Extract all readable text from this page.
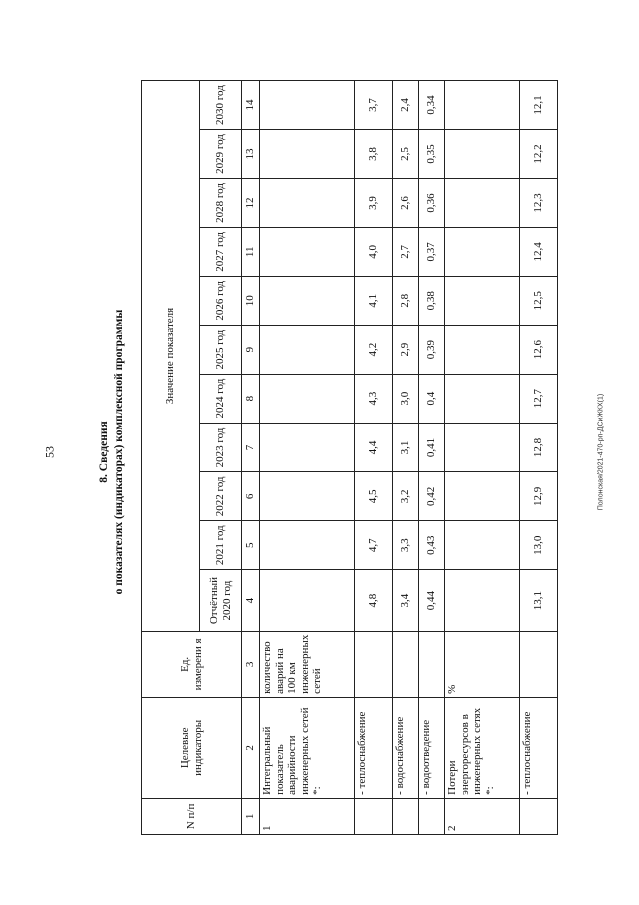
53	8. Сведения о показателях (индикаторах) комплексной программы	Полонская/2021-470-рп-ДСиЖКХ(1)
N п/п	Целевые индикаторы	Ед. измерени я	Значение показателя										
			Отчётный 2020 год	2021 год	2022 год	2023 год	2024 год	2025 год	2026 год	2027 год	2028 год	2029 год	2030 год
1	2	3	4	5	6	7	8	9	10	11	12	13	14
1	Интегральный показатель аварийности инженерных сетей *:	количество аварий на 100 км инженерных сетей											
	- теплоснабжение		4,8	4,7	4,5	4,4	4,3	4,2	4,1	4,0	3,9	3,8	3,7
	- водоснабжение		3,4	3,3	3,2	3,1	3,0	2,9	2,8	2,7	2,6	2,5	2,4
	- водоотведение		0,44	0,43	0,42	0,41	0,4	0,39	0,38	0,37	0,36	0,35	0,34
2	Потери энергоресурсов в инженерных сетях *:	%											
	- теплоснабжение		13,1	13,0	12,9	12,8	12,7	12,6	12,5	12,4	12,3	12,2	12,1
